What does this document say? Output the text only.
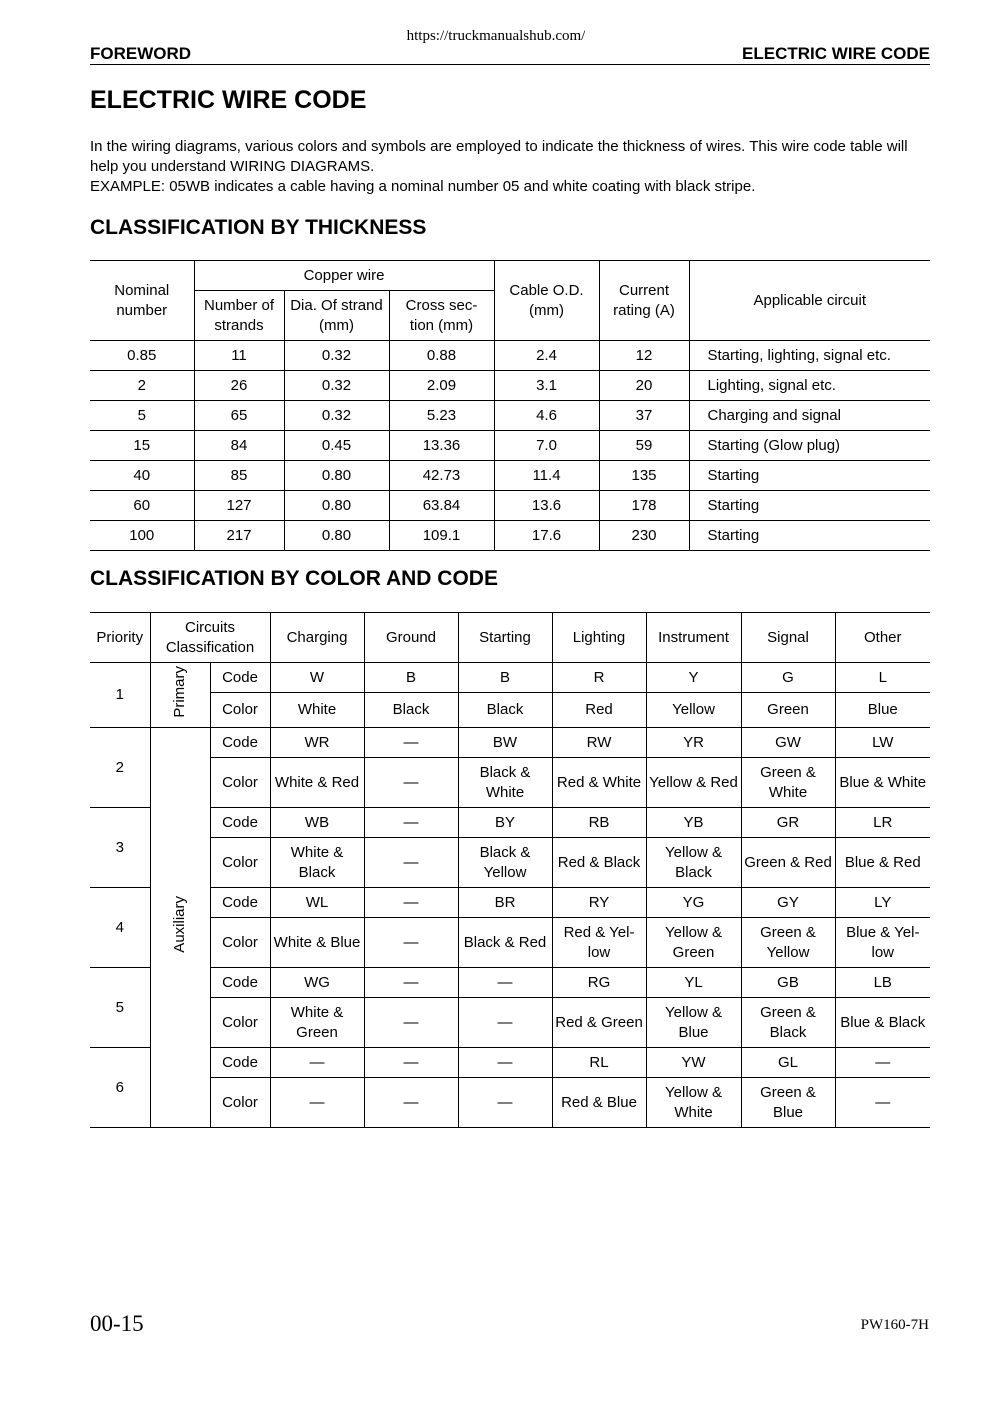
https://truckmanualshub.com/
FOREWORD	ELECTRIC WIRE CODE
ELECTRIC WIRE CODE

In the wiring diagrams, various colors and symbols are employed to indicate the thickness of wires. This wire code table will help you understand WIRING DIAGRAMS.

EXAMPLE: 05WB indicates a cable having a nominal number 05 and white coating with black stripe.

CLASSIFICATION BY THICKNESS
Nominal number	Copper wire			Cable O.D. (mm)	Current rating (A)	Applicable circuit
	Number of strands	Dia. Of strand (mm)	Cross sec- tion (mm)			
0.85	11	0.32	0.88	2.4	12	Starting, lighting, signal etc.
2	26	0.32	2.09	3.1	20	Lighting, signal etc.
5	65	0.32	5.23	4.6	37	Charging and signal
15	84	0.45	13.36	7.0	59	Starting (Glow plug)
40	85	0.80	42.73	11.4	135	Starting
60	127	0.80	63.84	13.6	178	Starting
100	217	0.80	109.1	17.6	230	Starting
CLASSIFICATION BY COLOR AND CODE
Priority	Circuits Classification		Charging	Ground	Starting	Lighting	Instrument	Signal	Other
1	Primary	Code	W	B	B	R	Y	G	L
		Color	White	Black	Black	Red	Yellow	Green	Blue
2	Auxiliary	Code	WR	—	BW	RW	YR	GW	LW
		Color	White & Red	—	Black & White	Red & White	Yellow & Red	Green & White	Blue & White
3		Code	WB	—	BY	RB	YB	GR	LR
		Color	White & Black	—	Black & Yellow	Red & Black	Yellow & Black	Green & Red	Blue & Red
4		Code	WL	—	BR	RY	YG	GY	LY
		Color	White & Blue	—	Black & Red	Red & Yel- low	Yellow & Green	Green & Yellow	Blue & Yel- low
5		Code	WG	—	—	RG	YL	GB	LB
		Color	White & Green	—	—	Red & Green	Yellow & Blue	Green & Black	Blue & Black
6		Code	—	—	—	RL	YW	GL	—
		Color	—	—	—	Red & Blue	Yellow & White	Green & Blue	—
00-15	PW160-7H
